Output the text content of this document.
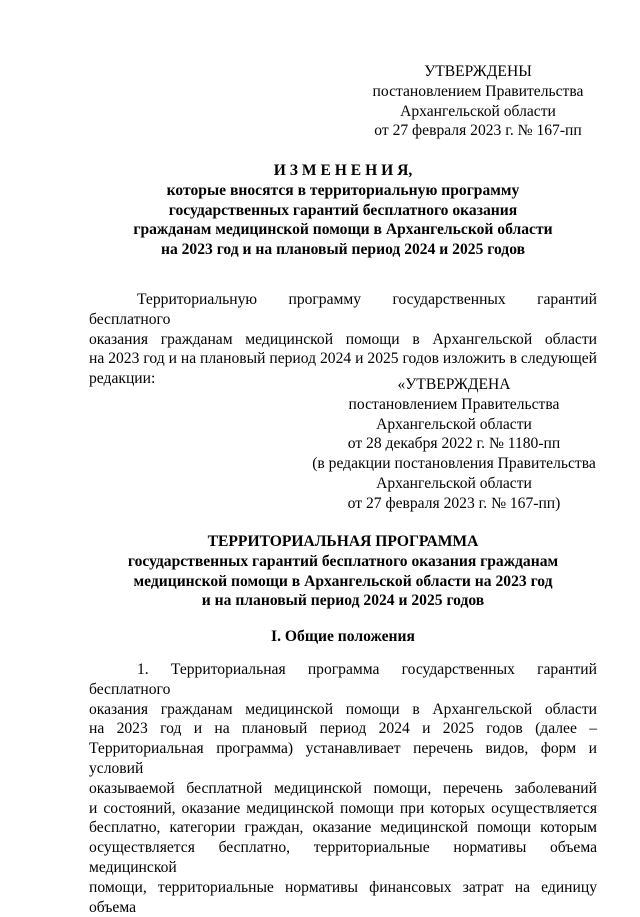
УТВЕРЖДЕНЫ
постановлением Правительства
Архангельской области
от 27 февраля 2023 г. № 167-пп
И З М Е Н Е Н И Я,
которые вносятся в территориальную программу
государственных гарантий бесплатного оказания
гражданам медицинской помощи в Архангельской области
на 2023 год и на плановый период 2024 и 2025 годов
Территориальную программу государственных гарантий бесплатного
оказания гражданам медицинской помощи в Архангельской области
на 2023 год и на плановый период 2024 и 2025 годов изложить в следующей
редакции:	«УТВЕРЖДЕНА
постановлением Правительства
Архангельской области
от 28 декабря 2022 г. № 1180-пп
(в редакции постановления Правительства
Архангельской области
от 27 февраля 2023 г. № 167-пп)
ТЕРРИТОРИАЛЬНАЯ ПРОГРАММА
государственных гарантий бесплатного оказания гражданам
медицинской помощи в Архангельской области на 2023 год
и на плановый период 2024 и 2025 годов
I. Общие положения
1. Территориальная программа государственных гарантий бесплатного
оказания гражданам медицинской помощи в Архангельской области
на 2023 год и на плановый период 2024 и 2025 годов (далее –
Территориальная программа) устанавливает перечень видов, форм и условий
оказываемой бесплатной медицинской помощи, перечень заболеваний
и состояний, оказание медицинской помощи при которых осуществляется
бесплатно, категории граждан, оказание медицинской помощи которым
осуществляется бесплатно, территориальные нормативы объема медицинской
помощи, территориальные нормативы финансовых затрат на единицу объема
